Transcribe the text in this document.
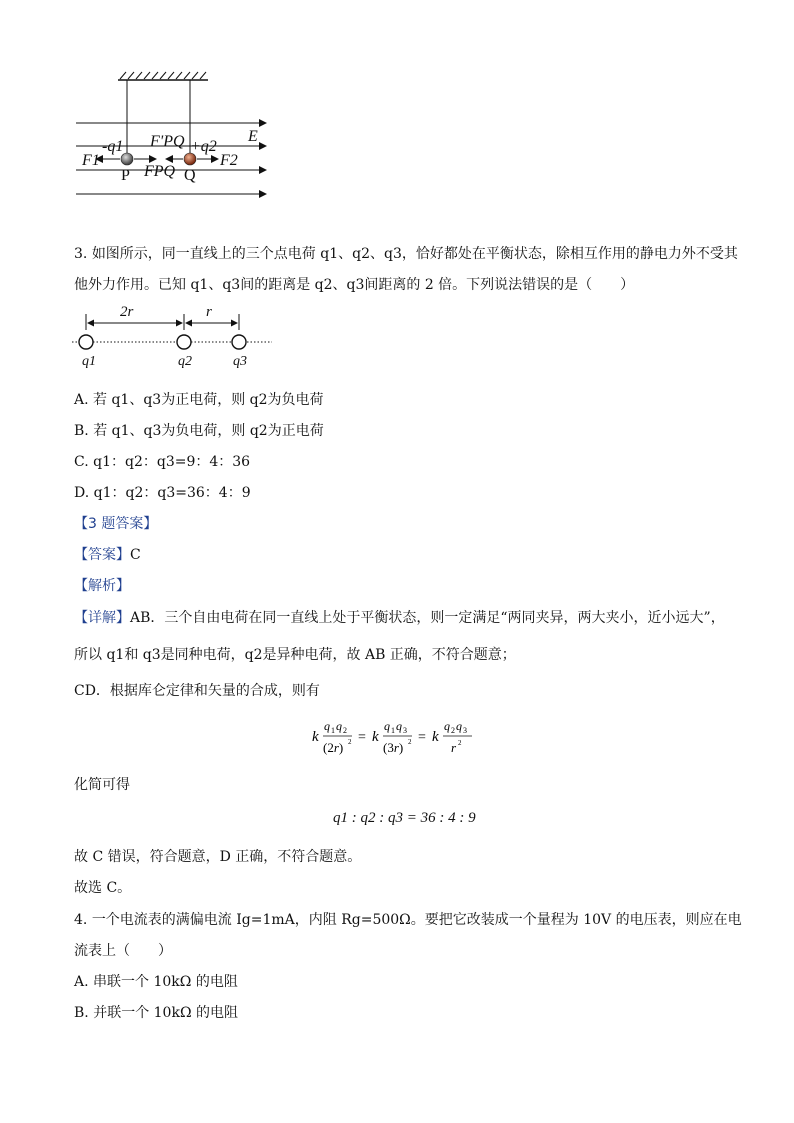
-q1 F'PQ +q2
E
F1	F2
P FPQ Q
3. 如图所示，同一直线上的三个点电荷 q1、q2、q3，恰好都处在平衡状态，除相互作用的静电力外不受其
他外力作用。已知 q1、q3间的距离是 q2、q3间距离的 2 倍。下列说法错误的是（　　）
2r	r
q1	q2	q3
A. 若 q1、q3为正电荷，则 q2为负电荷
B. 若 q1、q3为负电荷，则 q2为正电荷
C. q1：q2：q3=9：4：36
D. q1：q2：q3=36：4：9
【3 题答案】
【答案】C
【解析】
【详解】AB．三个自由电荷在同一直线上处于平衡状态，则一定满足“两同夹异，两大夹小，近小远大”，
所以 q1和 q3是同种电荷，q2是异种电荷，故 AB 正确，不符合题意；
CD．根据库仑定律和矢量的合成，则有
k
q 1 q 2
(2r) 2 = k
q 1 q 3
(3r) 2 = k
q 2 q 3
r 2
化简可得
q1 : q2 : q3 = 36 : 4 : 9
故 C 错误，符合题意，D 正确，不符合题意。
故选 C。
4. 一个电流表的满偏电流 Ig=1mA，内阻 Rg=500Ω。要把它改装成一个量程为 10V 的电压表，则应在电
流表上（　　）
A. 串联一个 10kΩ 的电阻
B. 并联一个 10kΩ 的电阻
